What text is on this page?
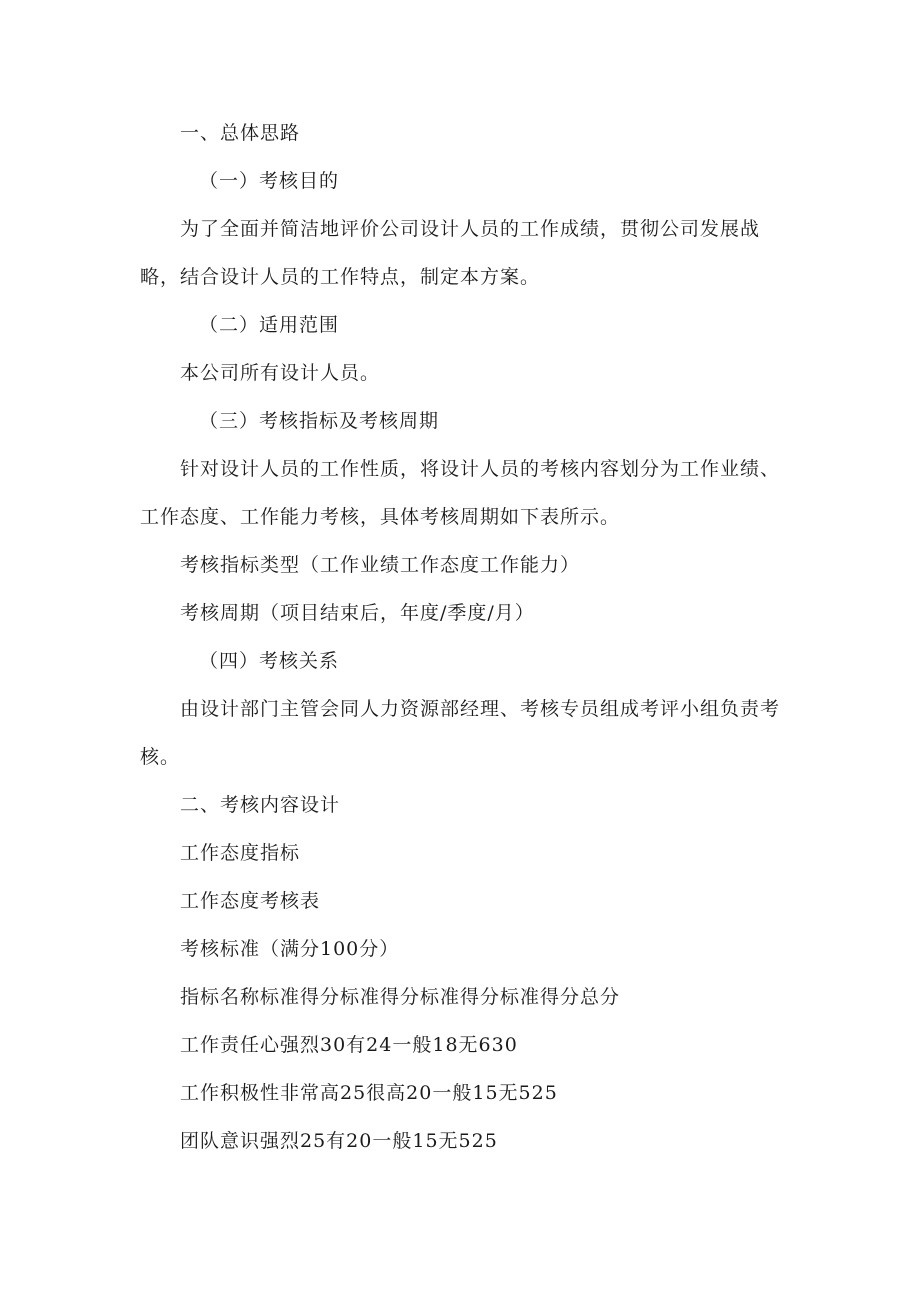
一、总体思路
（一）考核目的
为了全面并简洁地评价公司设计人员的工作成绩，贯彻公司发展战
略，结合设计人员的工作特点，制定本方案。
（二）适用范围
本公司所有设计人员。
（三）考核指标及考核周期
针对设计人员的工作性质，将设计人员的考核内容划分为工作业绩、
工作态度、工作能力考核，具体考核周期如下表所示。
考核指标类型（工作业绩工作态度工作能力）
考核周期（项目结束后，年度/季度/月）
（四）考核关系
由设计部门主管会同人力资源部经理、考核专员组成考评小组负责考
核。
二、考核内容设计
工作态度指标
工作态度考核表
考核标准（满分100分）
指标名称标准得分标准得分标准得分标准得分总分
工作责任心强烈30有24一般18无630
工作积极性非常高25很高20一般15无525
团队意识强烈25有20一般15无525
